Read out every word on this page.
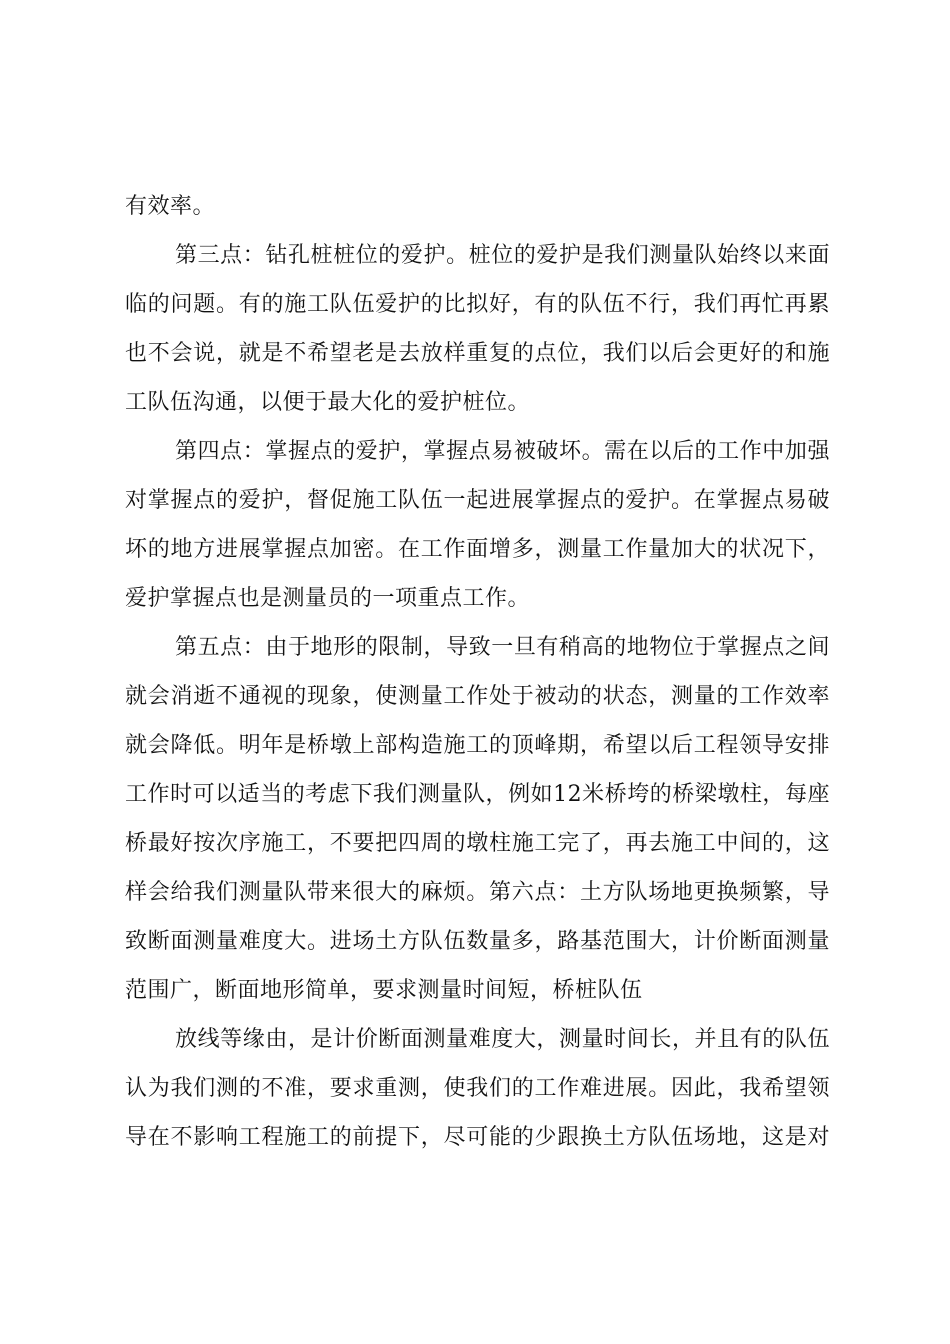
有效率。
第三点：钻孔桩桩位的爱护。桩位的爱护是我们测量队始终以来面
临的问题。有的施工队伍爱护的比拟好，有的队伍不行，我们再忙再累
也不会说，就是不希望老是去放样重复的点位，我们以后会更好的和施
工队伍沟通，以便于最大化的爱护桩位。
第四点：掌握点的爱护，掌握点易被破坏。需在以后的工作中加强
对掌握点的爱护，督促施工队伍一起进展掌握点的爱护。在掌握点易破
坏的地方进展掌握点加密。在工作面增多，测量工作量加大的状况下，
爱护掌握点也是测量员的一项重点工作。
第五点：由于地形的限制，导致一旦有稍高的地物位于掌握点之间
就会消逝不通视的现象，使测量工作处于被动的状态，测量的工作效率
就会降低。明年是桥墩上部构造施工的顶峰期，希望以后工程领导安排
工作时可以适当的考虑下我们测量队，例如12米桥垮的桥梁墩柱，每座
桥最好按次序施工，不要把四周的墩柱施工完了，再去施工中间的，这
样会给我们测量队带来很大的麻烦。第六点：土方队场地更换频繁，导
致断面测量难度大。进场土方队伍数量多，路基范围大，计价断面测量
范围广，断面地形简单，要求测量时间短，桥桩队伍
放线等缘由，是计价断面测量难度大，测量时间长，并且有的队伍
认为我们测的不准，要求重测，使我们的工作难进展。因此，我希望领
导在不影响工程施工的前提下，尽可能的少跟换土方队伍场地，这是对
